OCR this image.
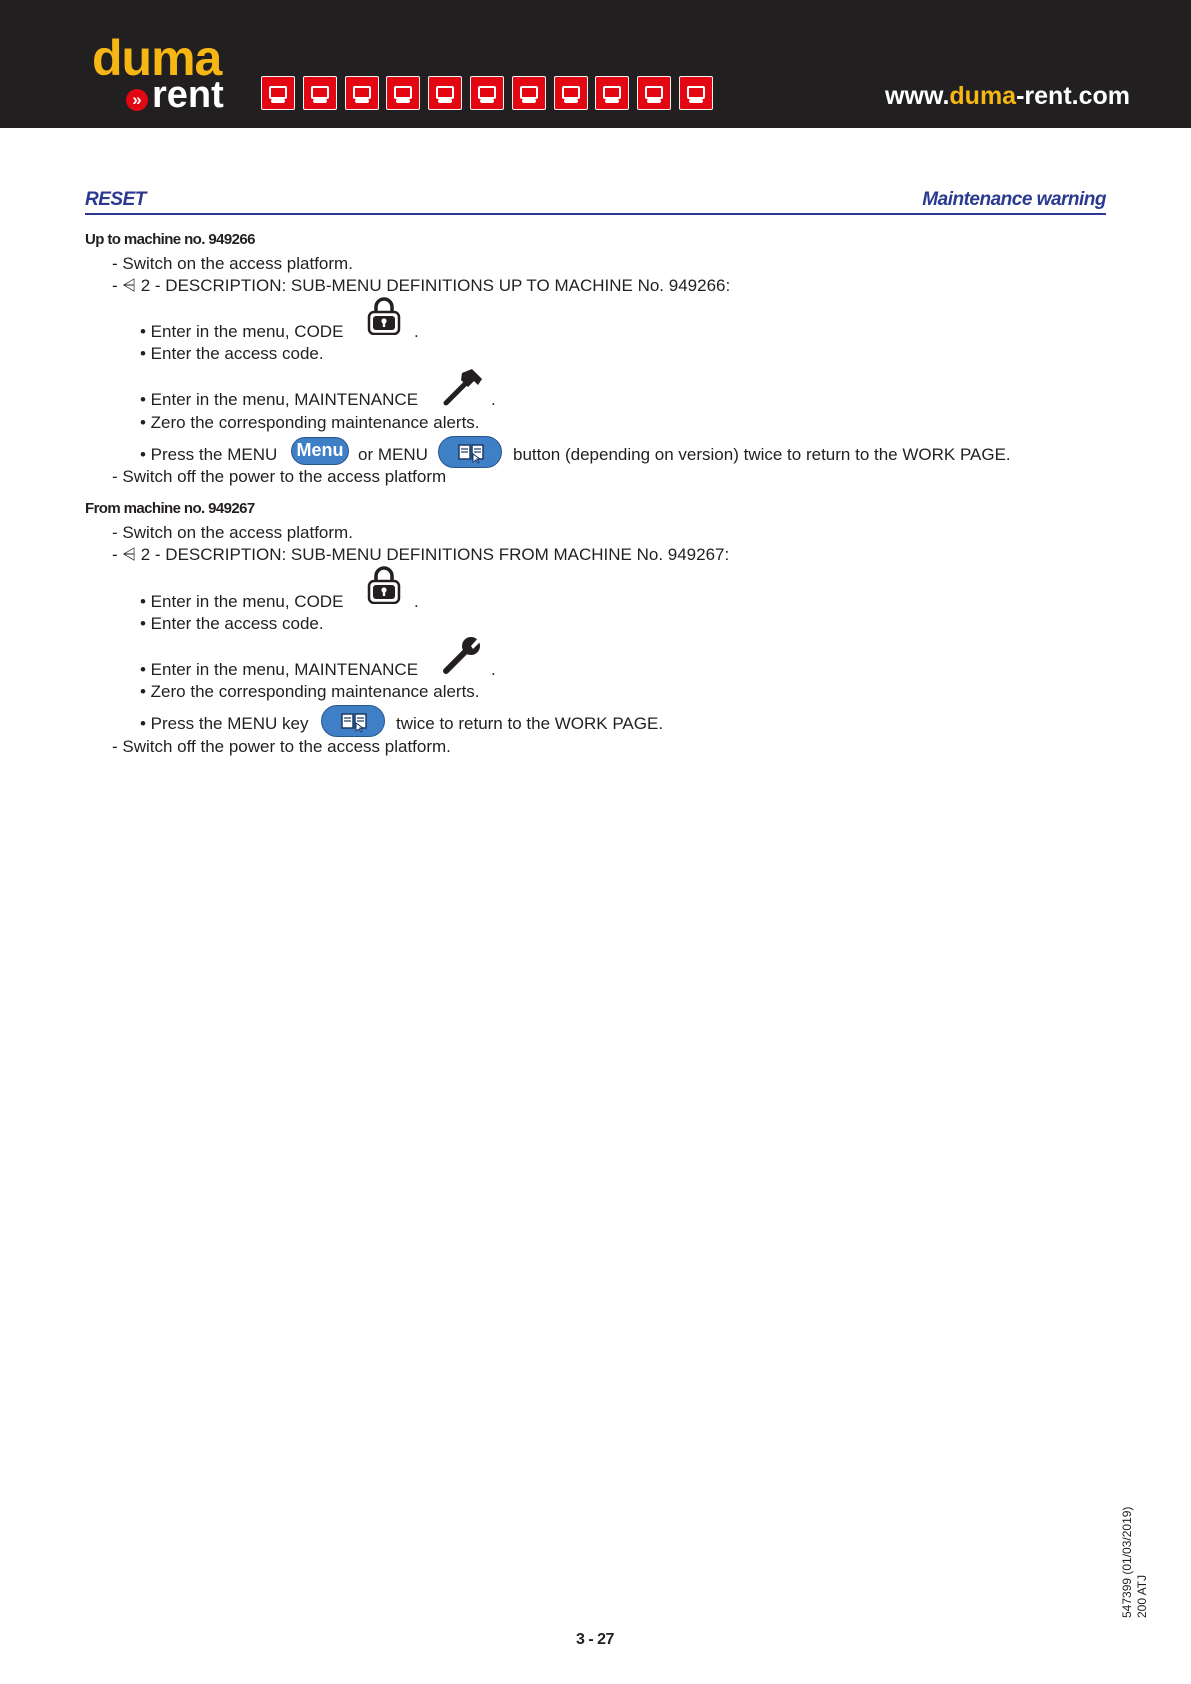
duma
» rent	www.duma-rent.com
RESET	Maintenance warning
Up to machine no. 949266
- Switch on the access platform.
- ⩤ 2 - DESCRIPTION: SUB-MENU DEFINITIONS UP TO MACHINE No. 949266:
• Enter in the menu, CODE	.
• Enter the access code.
• Enter in the menu, MAINTENANCE	.
• Zero the corresponding maintenance alerts.
• Press the MENU	Menu or MENU	button (depending on version) twice to return to the WORK PAGE.
- Switch off the power to the access platform
From machine no. 949267
- Switch on the access platform.
- ⩤ 2 - DESCRIPTION: SUB-MENU DEFINITIONS FROM MACHINE No. 949267:
• Enter in the menu, CODE	.
• Enter the access code.
• Enter in the menu, MAINTENANCE	.
• Zero the corresponding maintenance alerts.
• Press the MENU key	twice to return to the WORK PAGE.
- Switch off the power to the access platform.
3 - 27
547399 (01/03/2019) 200 ATJ
